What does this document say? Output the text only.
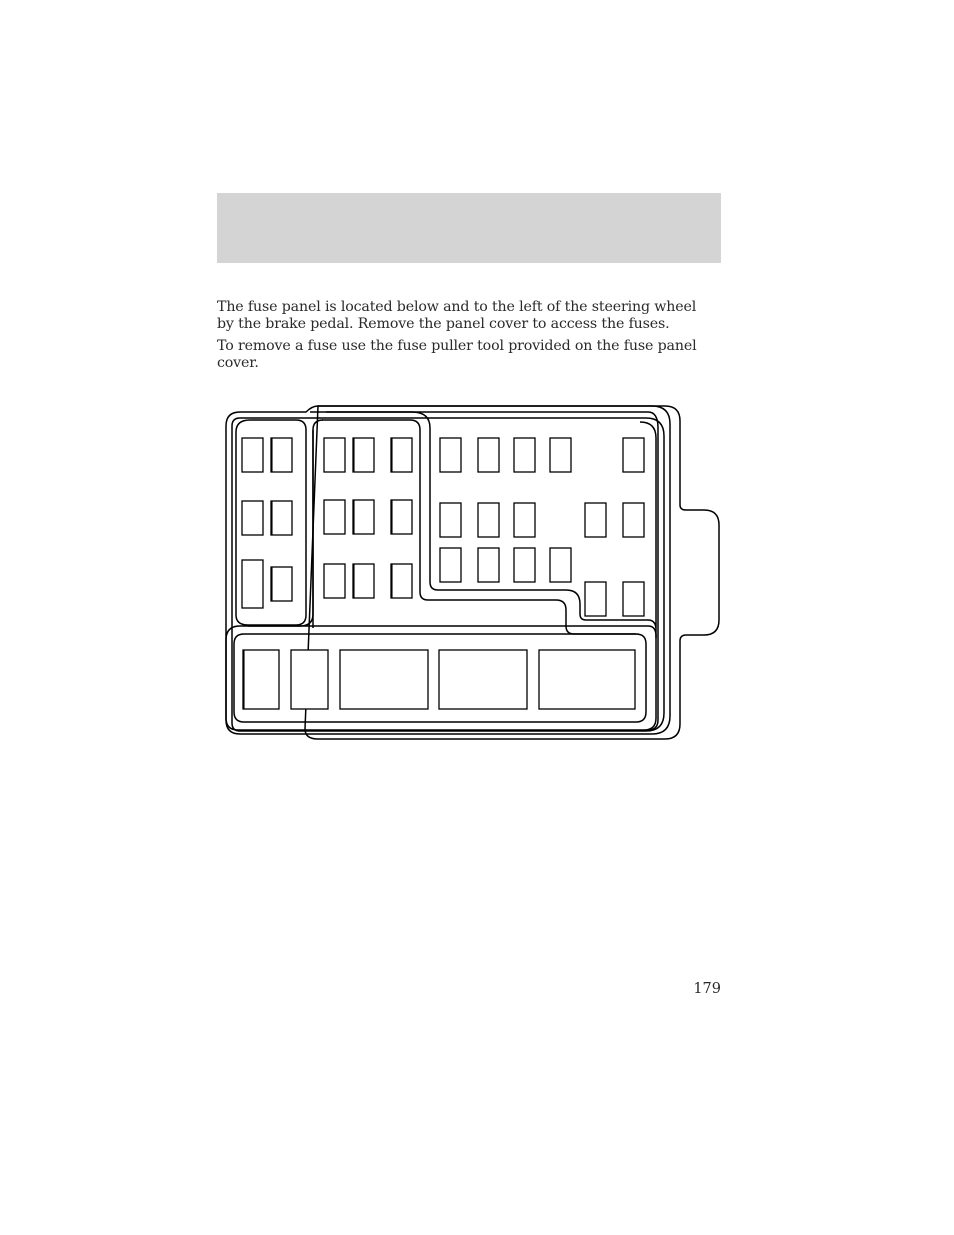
The fuse panel is located below and to the left of the steering wheel by the brake pedal. Remove the panel cover to access the fuses.

To remove a fuse use the fuse puller tool provided on the fuse panel cover.

179
